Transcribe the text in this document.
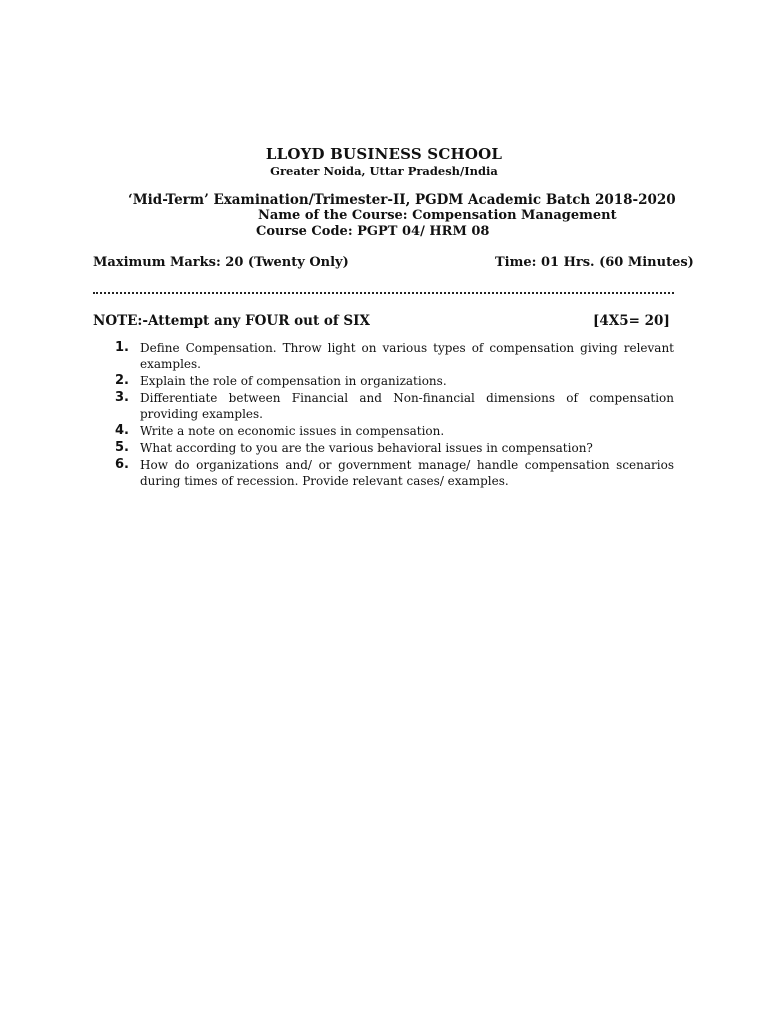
LLOYD BUSINESS SCHOOL
Greater Noida, Uttar Pradesh/India
‘Mid-Term’ Examination/Trimester-II, PGDM Academic Batch 2018-2020
Name of the Course: Compensation Management
Course Code: PGPT 04/ HRM 08
Maximum Marks: 20 (Twenty Only)	Time: 01 Hrs. (60 Minutes)
NOTE:-Attempt any FOUR out of SIX	[4X5= 20]
1. Define Compensation. Throw light on various types of compensation giving relevant examples.
2. Explain the role of compensation in organizations.
3. Differentiate between Financial and Non-financial dimensions of compensation providing examples.
4. Write a note on economic issues in compensation.
5. What according to you are the various behavioral issues in compensation?
6. How do organizations and/ or government manage/ handle compensation scenarios during times of recession. Provide relevant cases/ examples.
